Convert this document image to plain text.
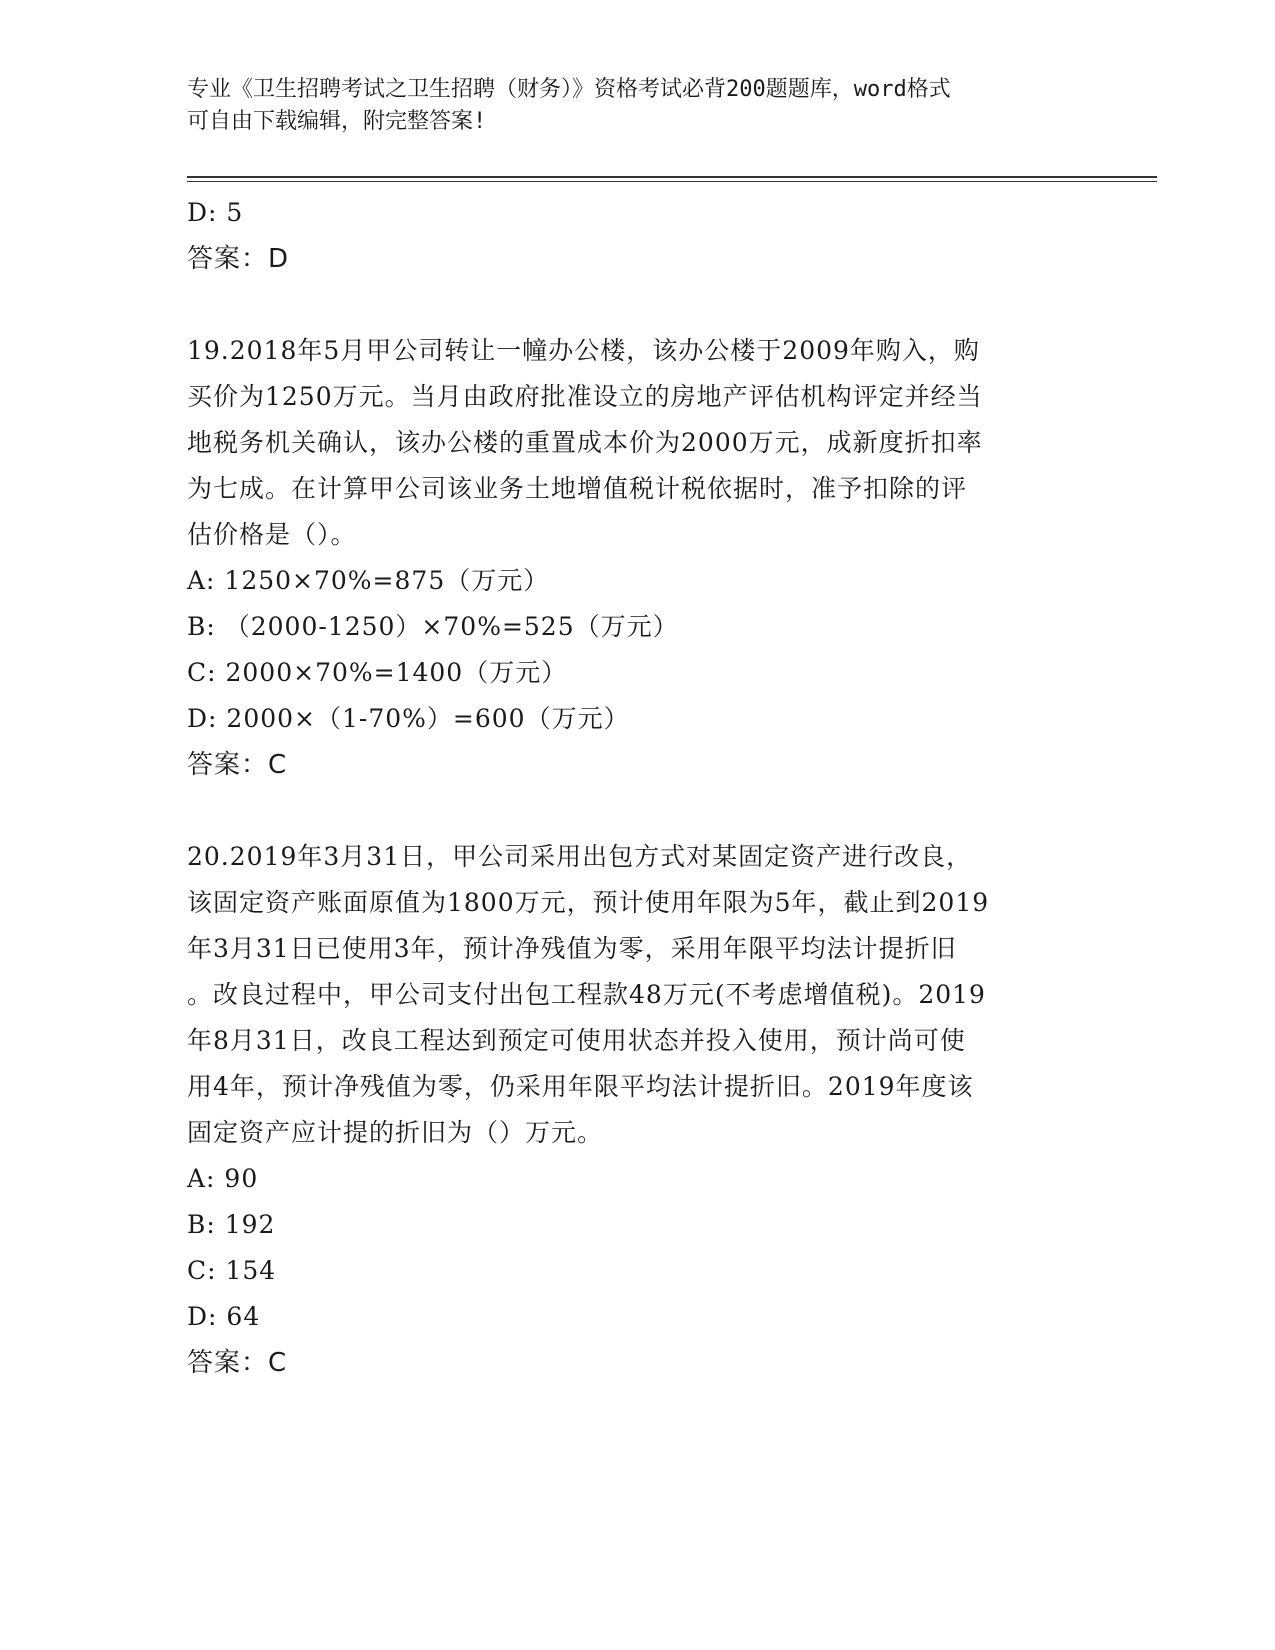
专业《卫生招聘考试之卫生招聘（财务）》资格考试必背200题题库，word格式
可自由下载编辑，附完整答案!
D: 5
答案：D
19.2018年5月甲公司转让一幢办公楼，该办公楼于2009年购入，购
买价为1250万元。当月由政府批准设立的房地产评估机构评定并经当
地税务机关确认，该办公楼的重置成本价为2000万元，成新度折扣率
为七成。在计算甲公司该业务土地增值税计税依据时，准予扣除的评
估价格是（）。
A: 1250×70%=875（万元）
B: （2000-1250）×70%=525（万元）
C: 2000×70%=1400（万元）
D: 2000×（1-70%）=600（万元）
答案：C
20.2019年3月31日，甲公司采用出包方式对某固定资产进行改良，
该固定资产账面原值为1800万元，预计使用年限为5年，截止到2019
年3月31日已使用3年，预计净残值为零，采用年限平均法计提折旧
。改良过程中，甲公司支付出包工程款48万元(不考虑增值税)。2019
年8月31日，改良工程达到预定可使用状态并投入使用，预计尚可使
用4年，预计净残值为零，仍采用年限平均法计提折旧。2019年度该
固定资产应计提的折旧为（）万元。
A: 90
B: 192
C: 154
D: 64
答案：C
